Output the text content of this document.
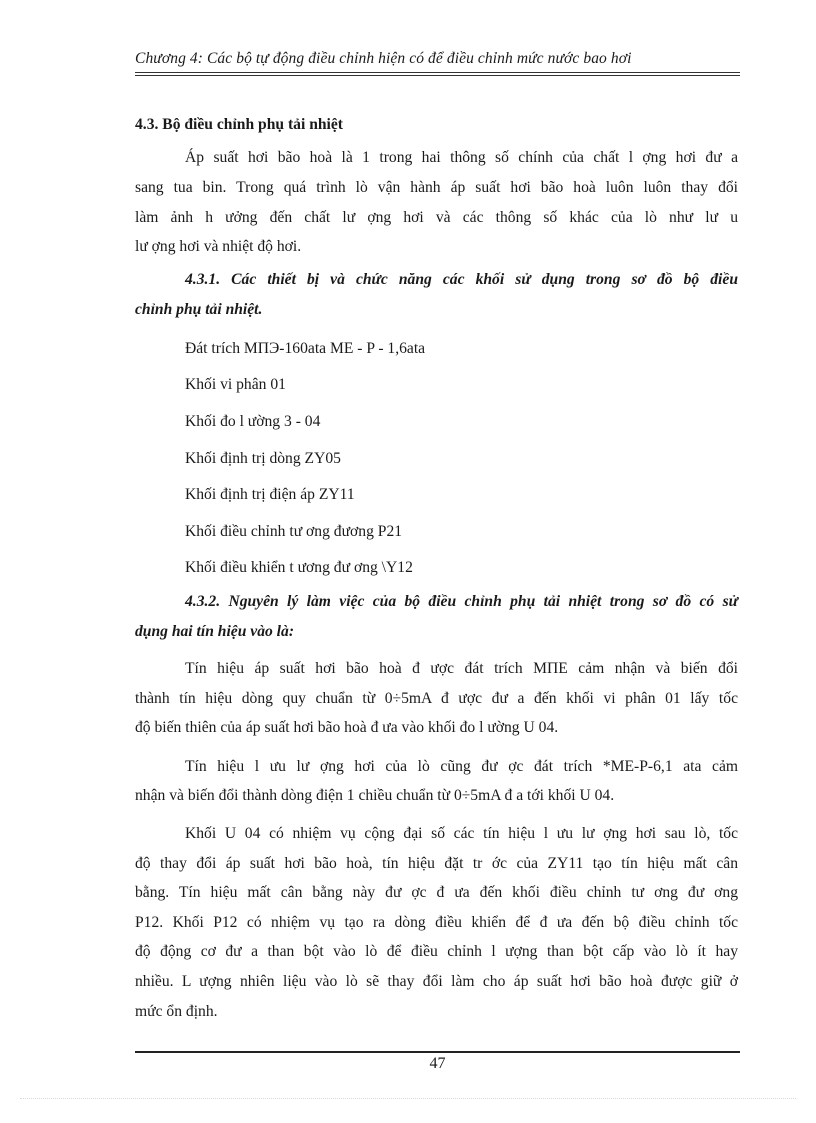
Chương 4: Các bộ tự động điều chỉnh hiện có để điều chỉnh mức nước bao hơi
4.3. Bộ điều chỉnh phụ tải nhiệt
Áp suất hơi bão hoà là 1 trong hai thông số chính của chất l ợng hơi đư a
sang tua bin. Trong quá trình lò vận hành áp suất hơi bão hoà luôn luôn thay đổi
làm ảnh h ưởng đến chất lư ợng hơi và các thông số khác của lò như lư u
lư ợng hơi và nhiệt độ hơi.
4.3.1. Các thiết bị và chức năng các khối sử dụng trong sơ đồ bộ điều
chỉnh phụ tải nhiệt.
Đát trích МПЭ-160ata МЕ - P - 1,6ata
Khối vi phân 01
Khối đo l ường 3 - 04
Khối định trị dòng ZY05
Khối định trị điện áp ZY11
Khối điều chỉnh tư ơng đương P21
Khối điều khiển t ương đư ơng \Y12
4.3.2. Nguyên lý làm việc của bộ điều chỉnh phụ tải nhiệt trong sơ đồ có sử
dụng hai tín hiệu vào là:
Tín hiệu áp suất hơi bão hoà đ ược đát trích МПЕ cảm nhận và biến đổi
thành tín hiệu dòng quy chuẩn từ 0÷5mA đ ược đư a đến khối vi phân 01 lấy tốc
độ biến thiên của áp suất hơi bão hoà đ ưa vào khối đo l ường U 04.
Tín hiệu l ưu lư ợng hơi của lò cũng đư ợc đát trích *МЕ-Р-6,1 ata cảm
nhận và biến đổi thành dòng điện 1 chiều chuẩn từ 0÷5mA đ a tới khối U 04.
Khối U 04 có nhiệm vụ cộng đại số các tín hiệu l ưu lư ợng hơi sau lò, tốc
độ thay đổi áp suất hơi bão hoà, tín hiệu đặt tr ớc của ZY11 tạo tín hiệu mất cân
bằng. Tín hiệu mất cân bằng này đư ợc đ ưa đến khối điều chỉnh tư ơng đư ơng
P12. Khối P12 có nhiệm vụ tạo ra dòng điều khiển để đ ưa đến bộ điều chỉnh tốc
độ động cơ đư a than bột vào lò để điều chỉnh l ượng than bột cấp vào lò ít hay
nhiều. L ượng nhiên liệu vào lò sẽ thay đổi làm cho áp suất hơi bão hoà được giữ ở
mức ổn định.
47
